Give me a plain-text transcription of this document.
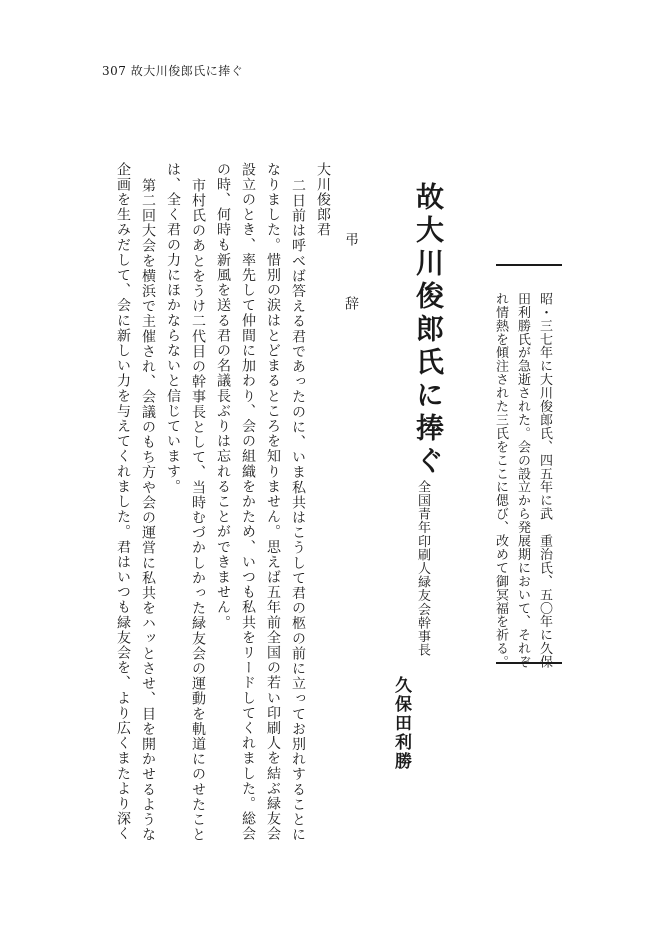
307 故大川俊郎氏に捧ぐ
昭・三七年に大川俊郎氏、四五年に武　重治氏、五〇年に久保
田利勝氏が急逝された。会の設立から発展期において、それぞ
れ情熱を傾注された三氏をここに偲び、改めて御冥福を祈る。
故大川俊郎氏に捧ぐ
全国青年印刷人緑友会幹事長
久保田利勝
弔　辞
大川俊郎君
二日前は呼べば答える君であったのに、いま私共はこうして君の柩の前に立ってお別れすることに
なりました。惜別の涙はとどまるところを知りません。思えば五年前全国の若い印刷人を結ぶ緑友会
設立のとき、率先して仲間に加わり、会の組織をかため、いつも私共をリードしてくれました。総会
の時、何時も新風を送る君の名議長ぶりは忘れることができません。
市村氏のあとをうけ二代目の幹事長として、当時むづかしかった緑友会の運動を軌道にのせたこと
は、全く君の力にほかならないと信じています。
第二回大会を横浜で主催され、会議のもち方や会の運営に私共をハッとさせ、目を開かせるような
企画を生みだして、会に新しい力を与えてくれました。君はいつも緑友会を、より広くまたより深く
